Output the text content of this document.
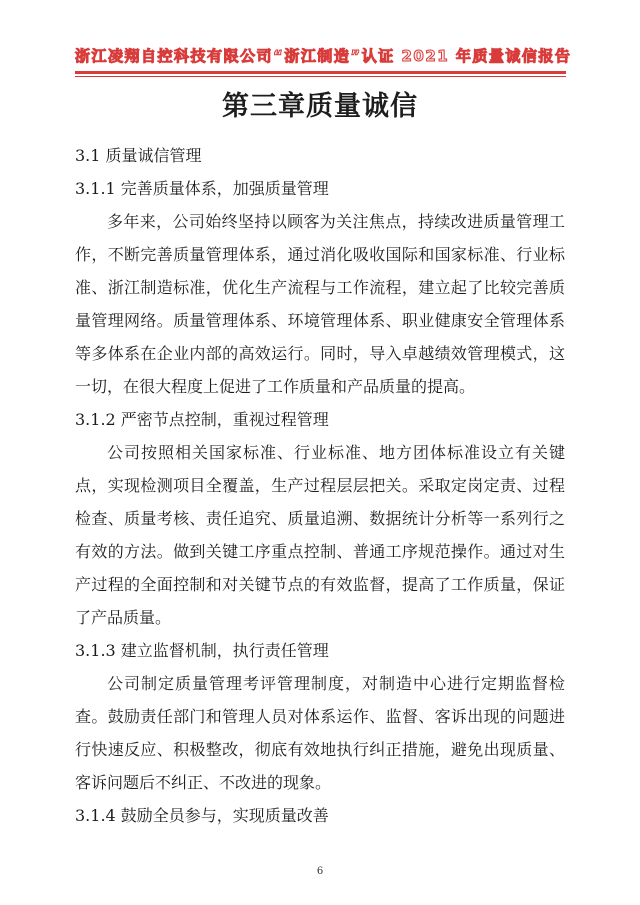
浙江凌翔自控科技有限公司 “浙江制造”认证 2021 年质量诚信报告
第三章质量诚信
3.1 质量诚信管理
3.1.1 完善质量体系，加强质量管理

多年来，公司始终坚持以顾客为关注焦点，持续改进质量管理工作，不断完善质量管理体系，通过消化吸收国际和国家标准、行业标准、浙江制造标准，优化生产流程与工作流程，建立起了比较完善质量管理网络。质量管理体系、环境管理体系、职业健康安全管理体系等多体系在企业内部的高效运行。同时，导入卓越绩效管理模式，这一切，在很大程度上促进了工作质量和产品质量的提高。

3.1.2 严密节点控制，重视过程管理

公司按照相关国家标准、行业标准、地方团体标准设立有关键点，实现检测项目全覆盖，生产过程层层把关。采取定岗定责、过程检查、质量考核、责任追究、质量追溯、数据统计分析等一系列行之有效的方法。做到关键工序重点控制、普通工序规范操作。通过对生产过程的全面控制和对关键节点的有效监督，提高了工作质量，保证了产品质量。

3.1.3 建立监督机制，执行责任管理

公司制定质量管理考评管理制度，对制造中心进行定期监督检查。鼓励责任部门和管理人员对体系运作、监督、客诉出现的问题进行快速反应、积极整改，彻底有效地执行纠正措施，避免出现质量、客诉问题后不纠正、不改进的现象。

3.1.4 鼓励全员参与，实现质量改善
6
